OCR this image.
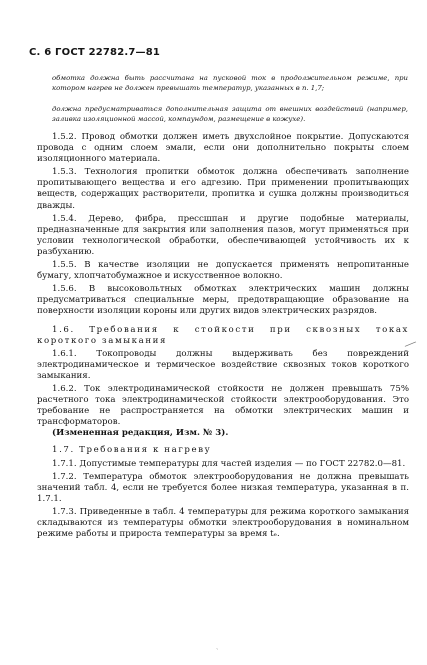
С. 6 ГОСТ 22782.7—81

обмотка должна быть рассчитана на пусковой ток в продолжительном режиме, при котором нагрев не должен превышать температур, указанных в п. 1,7;

должна предусматриваться дополнительная защита от внешних воздействий (например, заливка изоляционной массой, компаундом, размещение в кожухе).

1.5.2. Провод обмотки должен иметь двухслойное покрытие. Допускаются провода с одним слоем эмали, если они дополнительно покрыты слоем изоляционного материала.

1.5.3. Технология пропитки обмоток должна обеспечивать заполнение пропитывающего вещества и его адгезию. При применении пропитывающих веществ, содержащих растворители, пропитка и сушка должны производиться дважды.

1.5.4. Дерево, фибра, прессшпан и другие подобные материалы, предназначенные для закрытия или заполнения пазов, могут применяться при условии технологической обработки, обеспечивающей устойчивость их к разбуханию.

1.5.5. В качестве изоляции не допускается применять непропитанные бумагу, хлопчатобумажное и искусственное волокно.

1.5.6. В высоковольтных обмотках электрических машин должны предусматриваться специальные меры, предотвращающие образование на поверхности изоляции короны или других видов электрических разрядов.

1.6. Требования к стойкости при сквозных токах короткого замыкания

1.6.1. Токопроводы должны выдерживать без повреждений электродинамическое и термическое воздействие сквозных токов короткого замыкания.

1.6.2. Ток электродинамической стойкости не должен превышать 75% расчетного тока электродинамической стойкости электрооборудования. Это требование не распространяется на обмотки электрических машин и трансформаторов.

(Измененная редакция, Изм. № 3).

1.7. Требования к нагреву

1.7.1. Допустимые температуры для частей изделия — по ГОСТ 22782.0—81.

1.7.2. Температура обмоток электрооборудования не должна превышать значений табл. 4, если не требуется более низкая температура, указанная в п. 1.7.1.

1.7.3. Приведенные в табл. 4 температуры для режима короткого замыкания складываются из температуры обмотки электрооборудования в номинальном режиме работы и прироста температуры за время tₑ.

╱
ˎ
